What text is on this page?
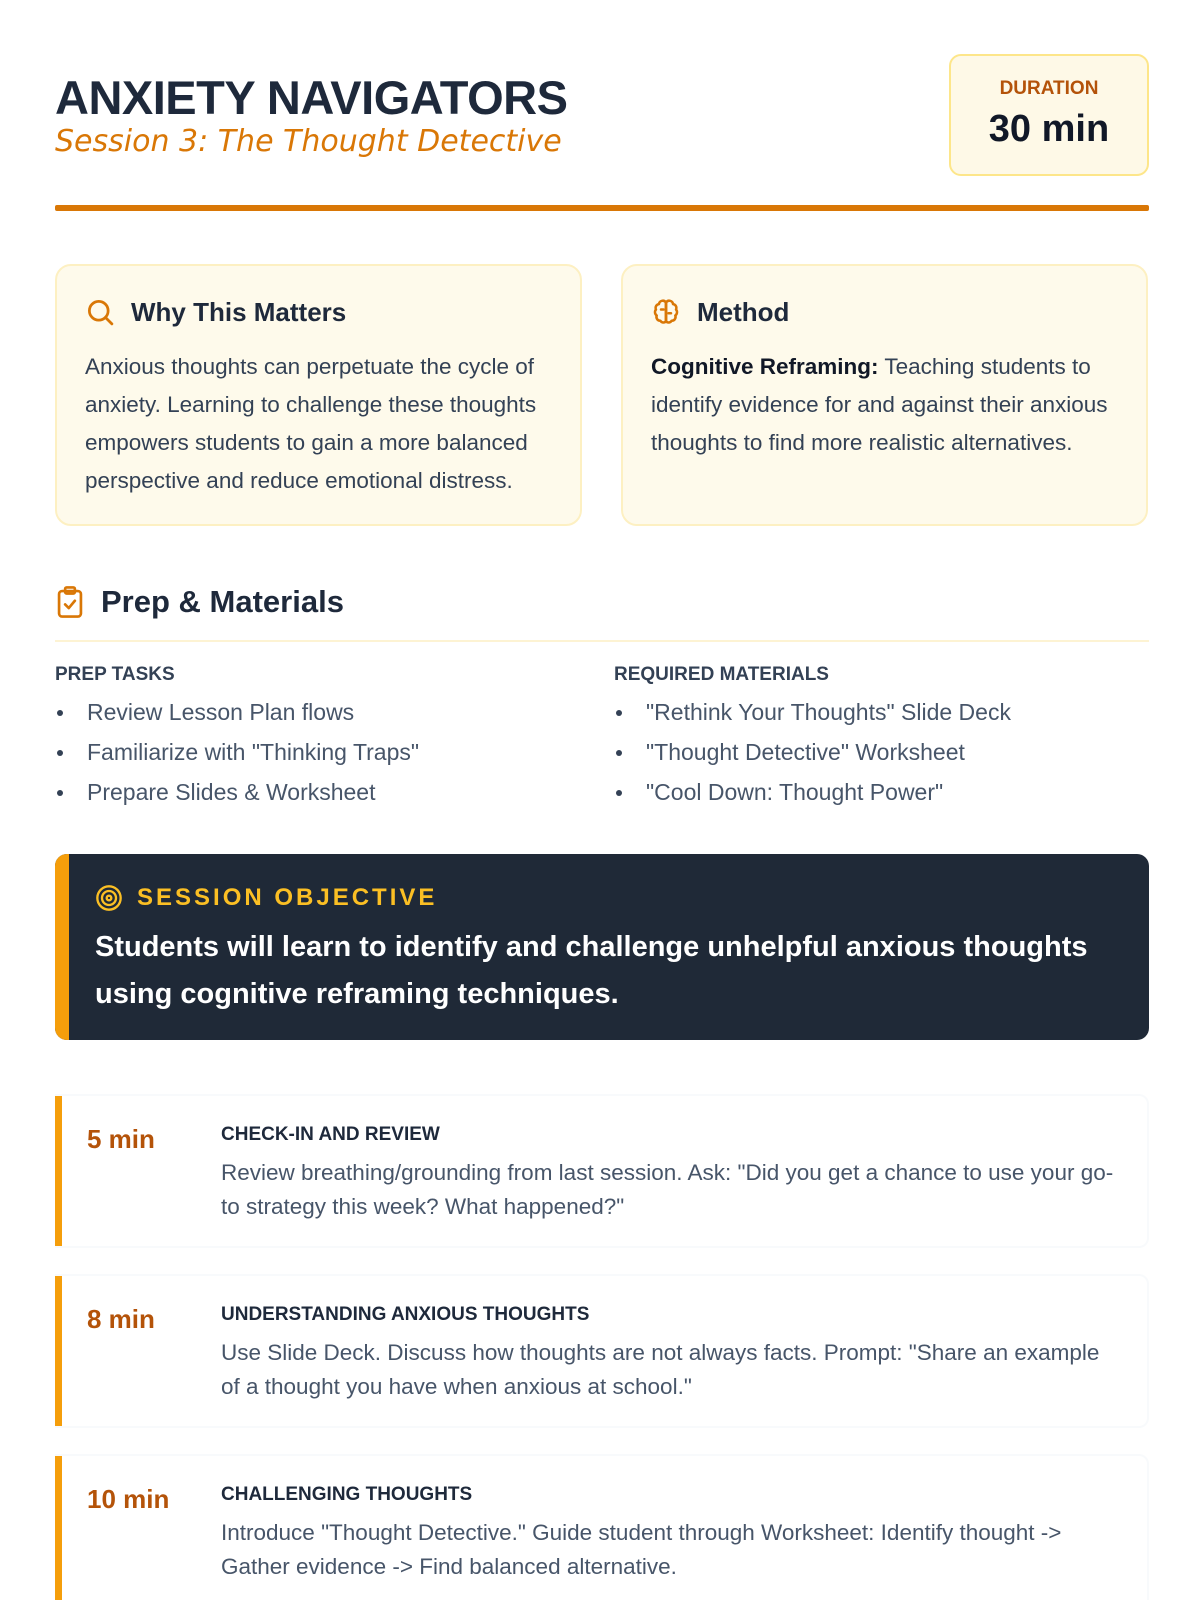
ANXIETY NAVIGATORS
Session 3: The Thought Detective
DURATION
30 min
Why This Matters

Anxious thoughts can perpetuate the cycle of anxiety. Learning to challenge these thoughts empowers students to gain a more balanced perspective and reduce emotional distress.

Method

Cognitive Reframing: Teaching students to identify evidence for and against their anxious thoughts to find more realistic alternatives.

Prep & Materials
PREP TASKS
Review Lesson Plan flows
Familiarize with "Thinking Traps"
Prepare Slides & Worksheet
REQUIRED MATERIALS
"Rethink Your Thoughts" Slide Deck
"Thought Detective" Worksheet
"Cool Down: Thought Power"
SESSION OBJECTIVE
Students will learn to identify and challenge unhelpful anxious thoughts using cognitive reframing techniques.
5 min	CHECK-IN AND REVIEW
Review breathing/grounding from last session. Ask: "Did you get a chance to use your go-to strategy this week? What happened?"
8 min	UNDERSTANDING ANXIOUS THOUGHTS
Use Slide Deck. Discuss how thoughts are not always facts. Prompt: "Share an example of a thought you have when anxious at school."
10 min	CHALLENGING THOUGHTS
Introduce "Thought Detective." Guide student through Worksheet: Identify thought -> Gather evidence -> Find balanced alternative.
